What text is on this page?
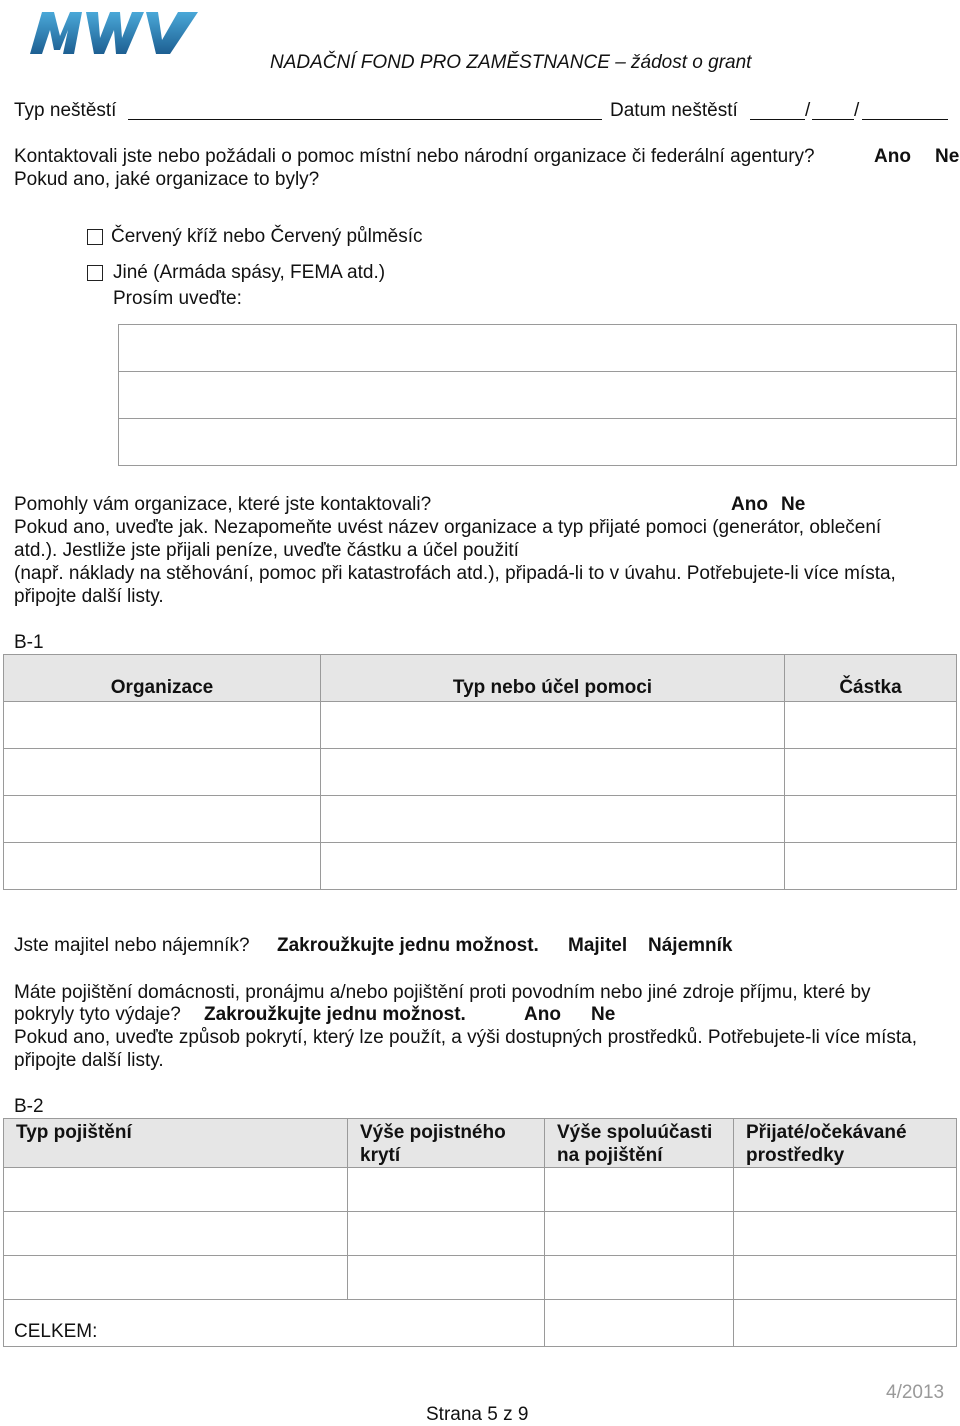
NADAČNÍ FOND PRO ZAMĚSTNANCE – žádost o grant
Typ neštěstí	Datum neštěstí	/ /
Kontaktovali jste nebo požádali o pomoc místní nebo národní organizace či federální agentury?	Ano Ne
Pokud ano, jaké organizace to byly?
Červený kříž nebo Červený půlměsíc
Jiné (Armáda spásy, FEMA atd.)
Prosím uveďte:

Pomohly vám organizace, které jste kontaktovali?	Ano Ne
Pokud ano, uveďte jak. Nezapomeňte uvést název organizace a typ přijaté pomoci (generátor, oblečení
atd.). Jestliže jste přijali peníze, uveďte částku a účel použití
(např. náklady na stěhování, pomoc při katastrofách atd.), připadá-li to v úvahu. Potřebujete-li více místa,
připojte další listy.
B-1
Organizace	Typ nebo účel pomoci	Částka

Jste majitel nebo nájemník? Zakroužkujte jednu možnost. Majitel Nájemník
Máte pojištění domácnosti, pronájmu a/nebo pojištění proti povodním nebo jiné zdroje příjmu, které by
pokryly tyto výdaje? Zakroužkujte jednu možnost.	Ano Ne
Pokud ano, uveďte způsob pokrytí, který lze použít, a výši dostupných prostředků. Potřebujete-li více místa,
připojte další listy.
B-2
Typ pojištění	Výše pojistného krytí	Výše spoluúčasti na pojištění	Přijaté/očekávané prostředky

CELKEM:			
4/2013
Strana 5 z 9
